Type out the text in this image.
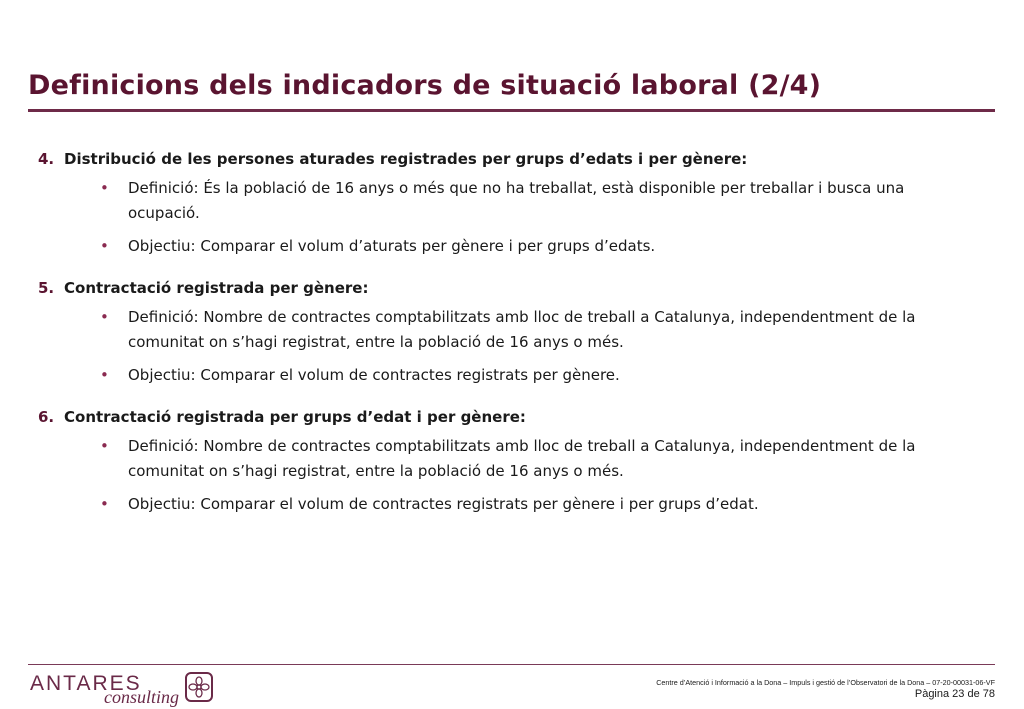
Definicions dels indicadors de situació laboral (2/4)
4. Distribució de les persones aturades registrades per grups d’edats i per gènere:
•	Definició: És la població de 16 anys o més que no ha treballat, està disponible per treballar i busca una ocupació.
•	Objectiu: Comparar el volum d’aturats per gènere i per grups d’edats.
5. Contractació registrada per gènere:
•	Definició: Nombre de contractes comptabilitzats amb lloc de treball a Catalunya, independentment de la comunitat on s’hagi registrat, entre la població de 16 anys o més.
•	Objectiu: Comparar el volum de contractes registrats per gènere.
6. Contractació registrada per grups d’edat i per gènere:
•	Definició: Nombre de contractes comptabilitzats amb lloc de treball a Catalunya, independentment de la comunitat on s’hagi registrat, entre la població de 16 anys o més.
•	Objectiu: Comparar el volum de contractes registrats per gènere i per grups d’edat.
ANTARES
consulting
Centre d’Atenció i Informació a la Dona – Impuls i gestió de l’Observatori de la Dona – 07-20-00031-06-VF
Pàgina 23 de 78
